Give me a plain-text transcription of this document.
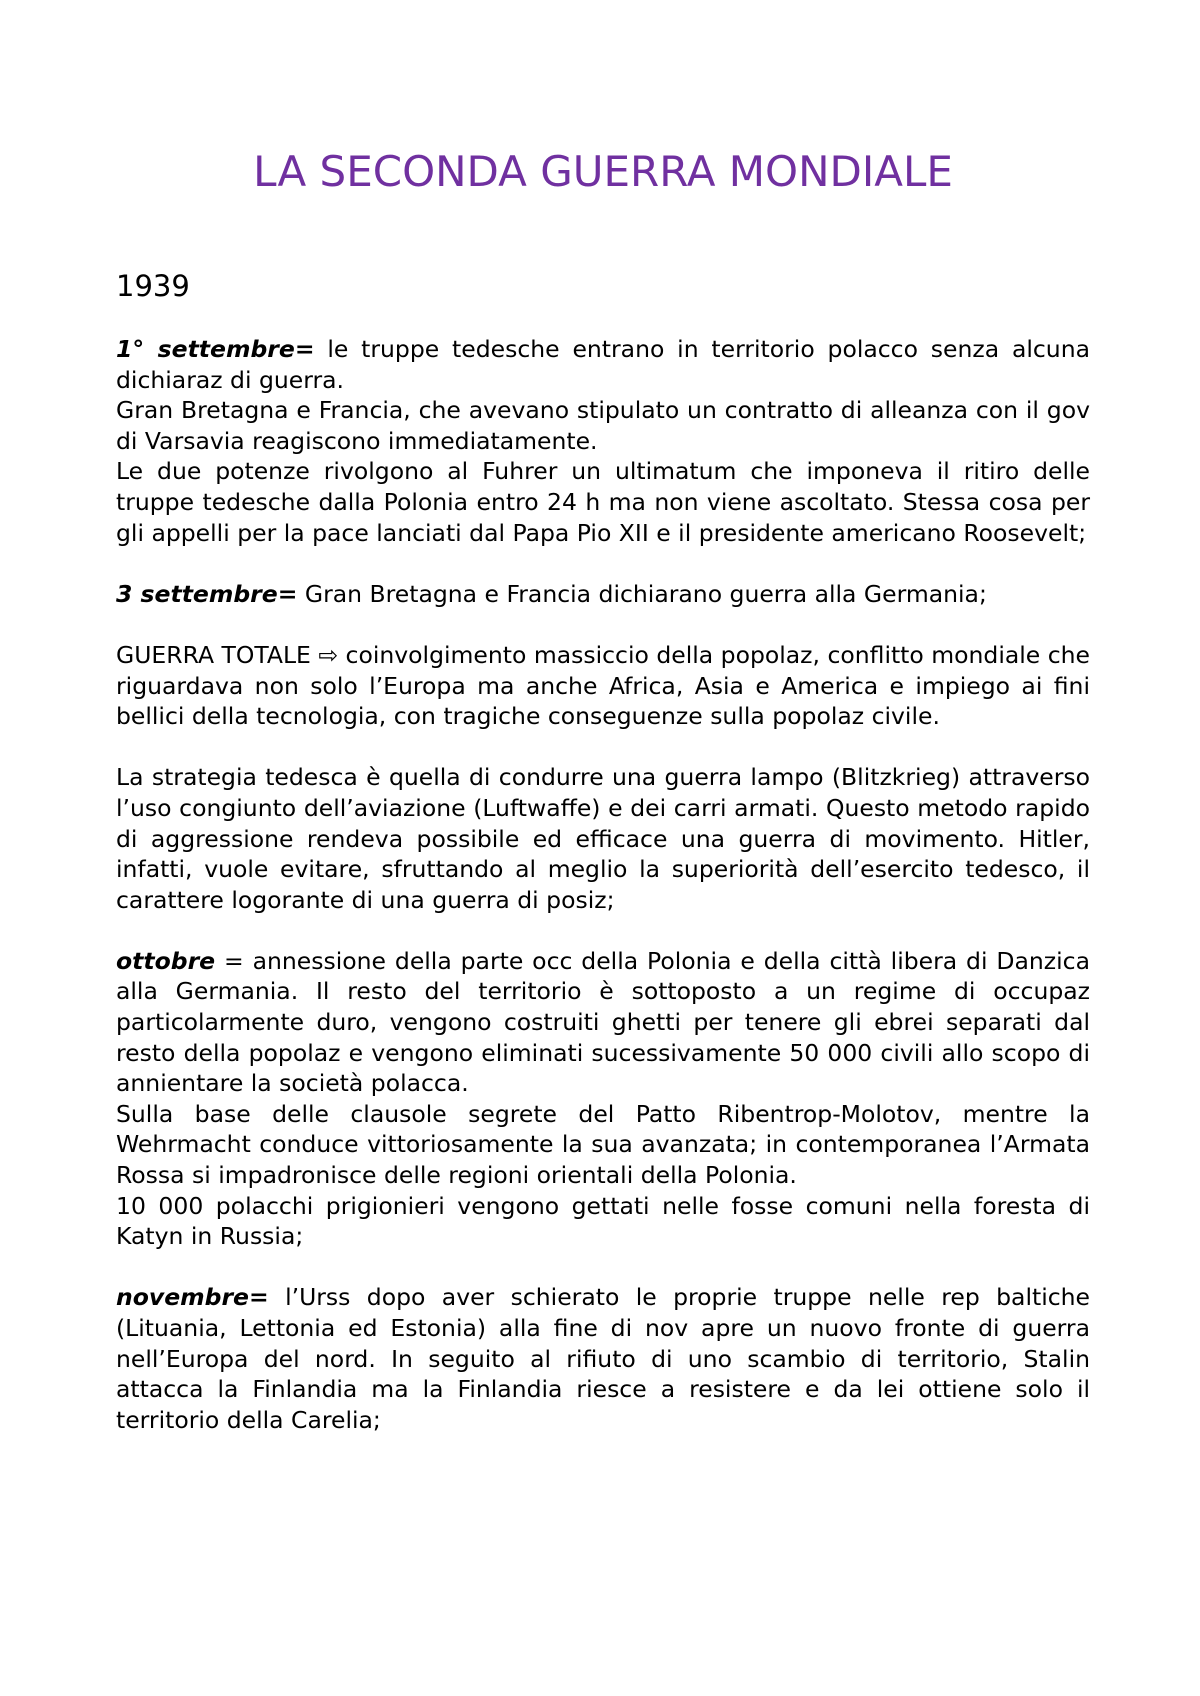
LA SECONDA GUERRA MONDIALE
1939

1° settembre= le truppe tedesche entrano in territorio polacco senza alcuna dichiaraz di guerra.
Gran Bretagna e Francia, che avevano stipulato un contratto di alleanza con il gov di Varsavia reagiscono immediatamente.
Le due potenze rivolgono al Fuhrer un ultimatum che imponeva il ritiro delle truppe tedesche dalla Polonia entro 24 h ma non viene ascoltato. Stessa cosa per gli appelli per la pace lanciati dal Papa Pio XII e il presidente americano Roosevelt;

3 settembre= Gran Bretagna e Francia dichiarano guerra alla Germania;

GUERRA TOTALE ⇨ coinvolgimento massiccio della popolaz, conflitto mondiale che riguardava non solo l’Europa ma anche Africa, Asia e America e impiego ai fini bellici della tecnologia, con tragiche conseguenze sulla popolaz civile.

La strategia tedesca è quella di condurre una guerra lampo (Blitzkrieg) attraverso l’uso congiunto dell’aviazione (Luftwaffe) e dei carri armati. Questo metodo rapido di aggressione rendeva possibile ed efficace una guerra di movimento. Hitler, infatti, vuole evitare, sfruttando al meglio la superiorità dell’esercito tedesco, il carattere logorante di una guerra di posiz;

ottobre = annessione della parte occ della Polonia e della città libera di Danzica alla Germania. Il resto del territorio è sottoposto a un regime di occupaz particolarmente duro, vengono costruiti ghetti per tenere gli ebrei separati dal resto della popolaz e vengono eliminati sucessivamente 50 000 civili allo scopo di annientare la società polacca.
Sulla base delle clausole segrete del Patto Ribentrop-Molotov, mentre la Wehrmacht conduce vittoriosamente la sua avanzata; in contemporanea l’Armata Rossa si impadronisce delle regioni orientali della Polonia.
10 000 polacchi prigionieri vengono gettati nelle fosse comuni nella foresta di Katyn in Russia;

novembre= l’Urss dopo aver schierato le proprie truppe nelle rep baltiche (Lituania, Lettonia ed Estonia) alla fine di nov apre un nuovo fronte di guerra nell’Europa del nord. In seguito al rifiuto di uno scambio di territorio, Stalin attacca la Finlandia ma la Finlandia riesce a resistere e da lei ottiene solo il territorio della Carelia;
